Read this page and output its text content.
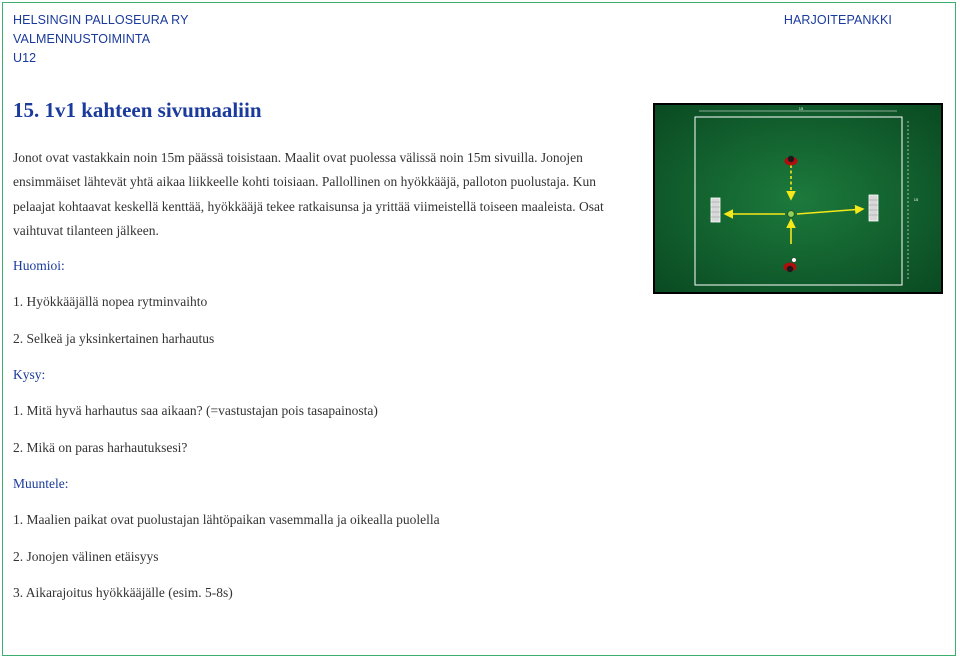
HELSINGIN PALLOSEURA RY
VALMENNUSTOIMINTA
U12
HARJOITEPANKKI
15. 1v1 kahteen sivumaaliin
Jonot ovat vastakkain noin 15m päässä toisistaan. Maalit ovat puolessa välissä noin 15m sivuilla. Jonojen
ensimmäiset lähtevät yhtä aikaa liikkeelle kohti toisiaan. Pallollinen on hyökkääjä, palloton puolustaja. Kun
pelaajat kohtaavat keskellä kenttää, hyökkääjä tekee ratkaisunsa ja yrittää viimeistellä toiseen maaleista. Osat
vaihtuvat tilanteen jälkeen.
Huomioi:
1. Hyökkääjällä nopea rytminvaihto
2. Selkeä ja yksinkertainen harhautus
Kysy:
1. Mitä hyvä harhautus saa aikaan? (=vastustajan pois tasapainosta)
2. Mikä on paras harhautuksesi?
Muuntele:
1. Maalien paikat ovat puolustajan lähtöpaikan vasemmalla ja oikealla puolella
2. Jonojen välinen etäisyys
3. Aikarajoitus hyökkääjälle (esim. 5-8s)
15
15
